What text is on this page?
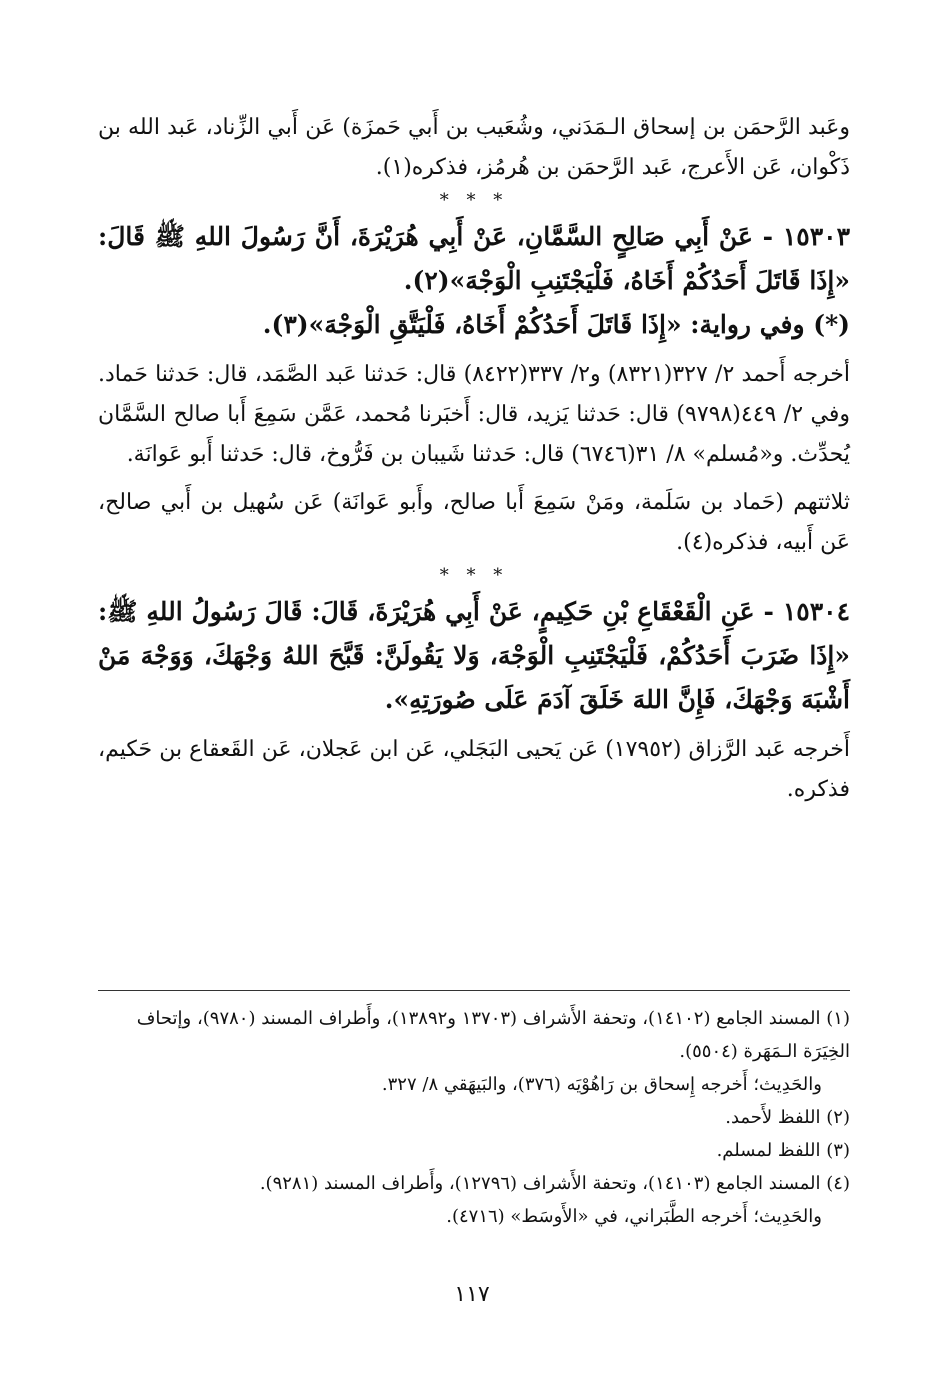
وعَبد الرَّحمَن بن إسحاق الـمَدَني، وشُعَيب بن أَبي حَمزَة) عَن أَبي الزِّناد، عَبد الله بن ذَكْوان، عَن الأَعرج، عَبد الرَّحمَن بن هُرمُز، فذكره(١).

* * *

١٥٣٠٣ - عَنْ أَبِي صَالِحٍ السَّمَّانِ، عَنْ أَبِي هُرَيْرَةَ، أَنَّ رَسُولَ اللهِ ﷺ قَالَ: «إِذَا قَاتَلَ أَحَدُكُمْ أَخَاهُ، فَلْيَجْتَنِبِ الْوَجْهَ»(٢).

(*) وفي رواية: «إِذَا قَاتَلَ أَحَدُكُمْ أَخَاهُ، فَلْيَتَّقِ الْوَجْهَ»(٣).

أخرجه أَحمد ٢/ ٣٢٧(٨٣٢١) و٢/ ٣٣٧(٨٤٢٢) قال: حَدثنا عَبد الصَّمَد، قال: حَدثنا حَماد. وفي ٢/ ٤٤٩(٩٧٩٨) قال: حَدثنا يَزيد، قال: أَخبَرنا مُحمد، عَمَّن سَمِعَ أَبا صالح السَّمَّان يُحدِّث. و«مُسلم» ٨/ ٣١(٦٧٤٦) قال: حَدثنا شَيبان بن فَرُّوخ، قال: حَدثنا أَبو عَوانَة.

ثلاثتهم (حَماد بن سَلَمة، ومَنْ سَمِعَ أَبا صالح، وأَبو عَوانَة) عَن سُهيل بن أَبي صالح، عَن أَبيه، فذكره(٤).

* * *

١٥٣٠٤ - عَنِ الْقَعْقَاعِ بْنِ حَكِيمٍ، عَنْ أَبِي هُرَيْرَةَ، قَالَ: قَالَ رَسُولُ اللهِ ﷺ: «إِذَا ضَرَبَ أَحَدُكُمْ، فَلْيَجْتَنِبِ الْوَجْهَ، وَلا يَقُولَنَّ: قَبَّحَ اللهُ وَجْهَكَ، وَوَجْهَ مَنْ أَشْبَهَ وَجْهَكَ، فَإِنَّ اللهَ خَلَقَ آدَمَ عَلَى صُورَتِهِ».

أَخرجه عَبد الرَّزاق (١٧٩٥٢) عَن يَحيى البَجَلي، عَن ابن عَجلان، عَن القَعقاع بن حَكيم، فذكره.

(١) المسند الجامع (١٤١٠٢)، وتحفة الأَشراف (١٣٧٠٣ و١٣٨٩٢)، وأَطراف المسند (٩٧٨٠)، وإتحاف الخِيَرَة الـمَهَرة (٥٥٠٤).

والحَدِيث؛ أَخرجه إِسحاق بن رَاهُوْيَه (٣٧٦)، والبَيهَقي ٨/ ٣٢٧.

(٢) اللفظ لأَحمد.

(٣) اللفظ لمسلم.

(٤) المسند الجامع (١٤١٠٣)، وتحفة الأَشراف (١٢٧٩٦)، وأَطراف المسند (٩٢٨١).

والحَدِيث؛ أَخرجه الطَّبَراني، في «الأَوسَط» (٤٧١٦).

١١٧
